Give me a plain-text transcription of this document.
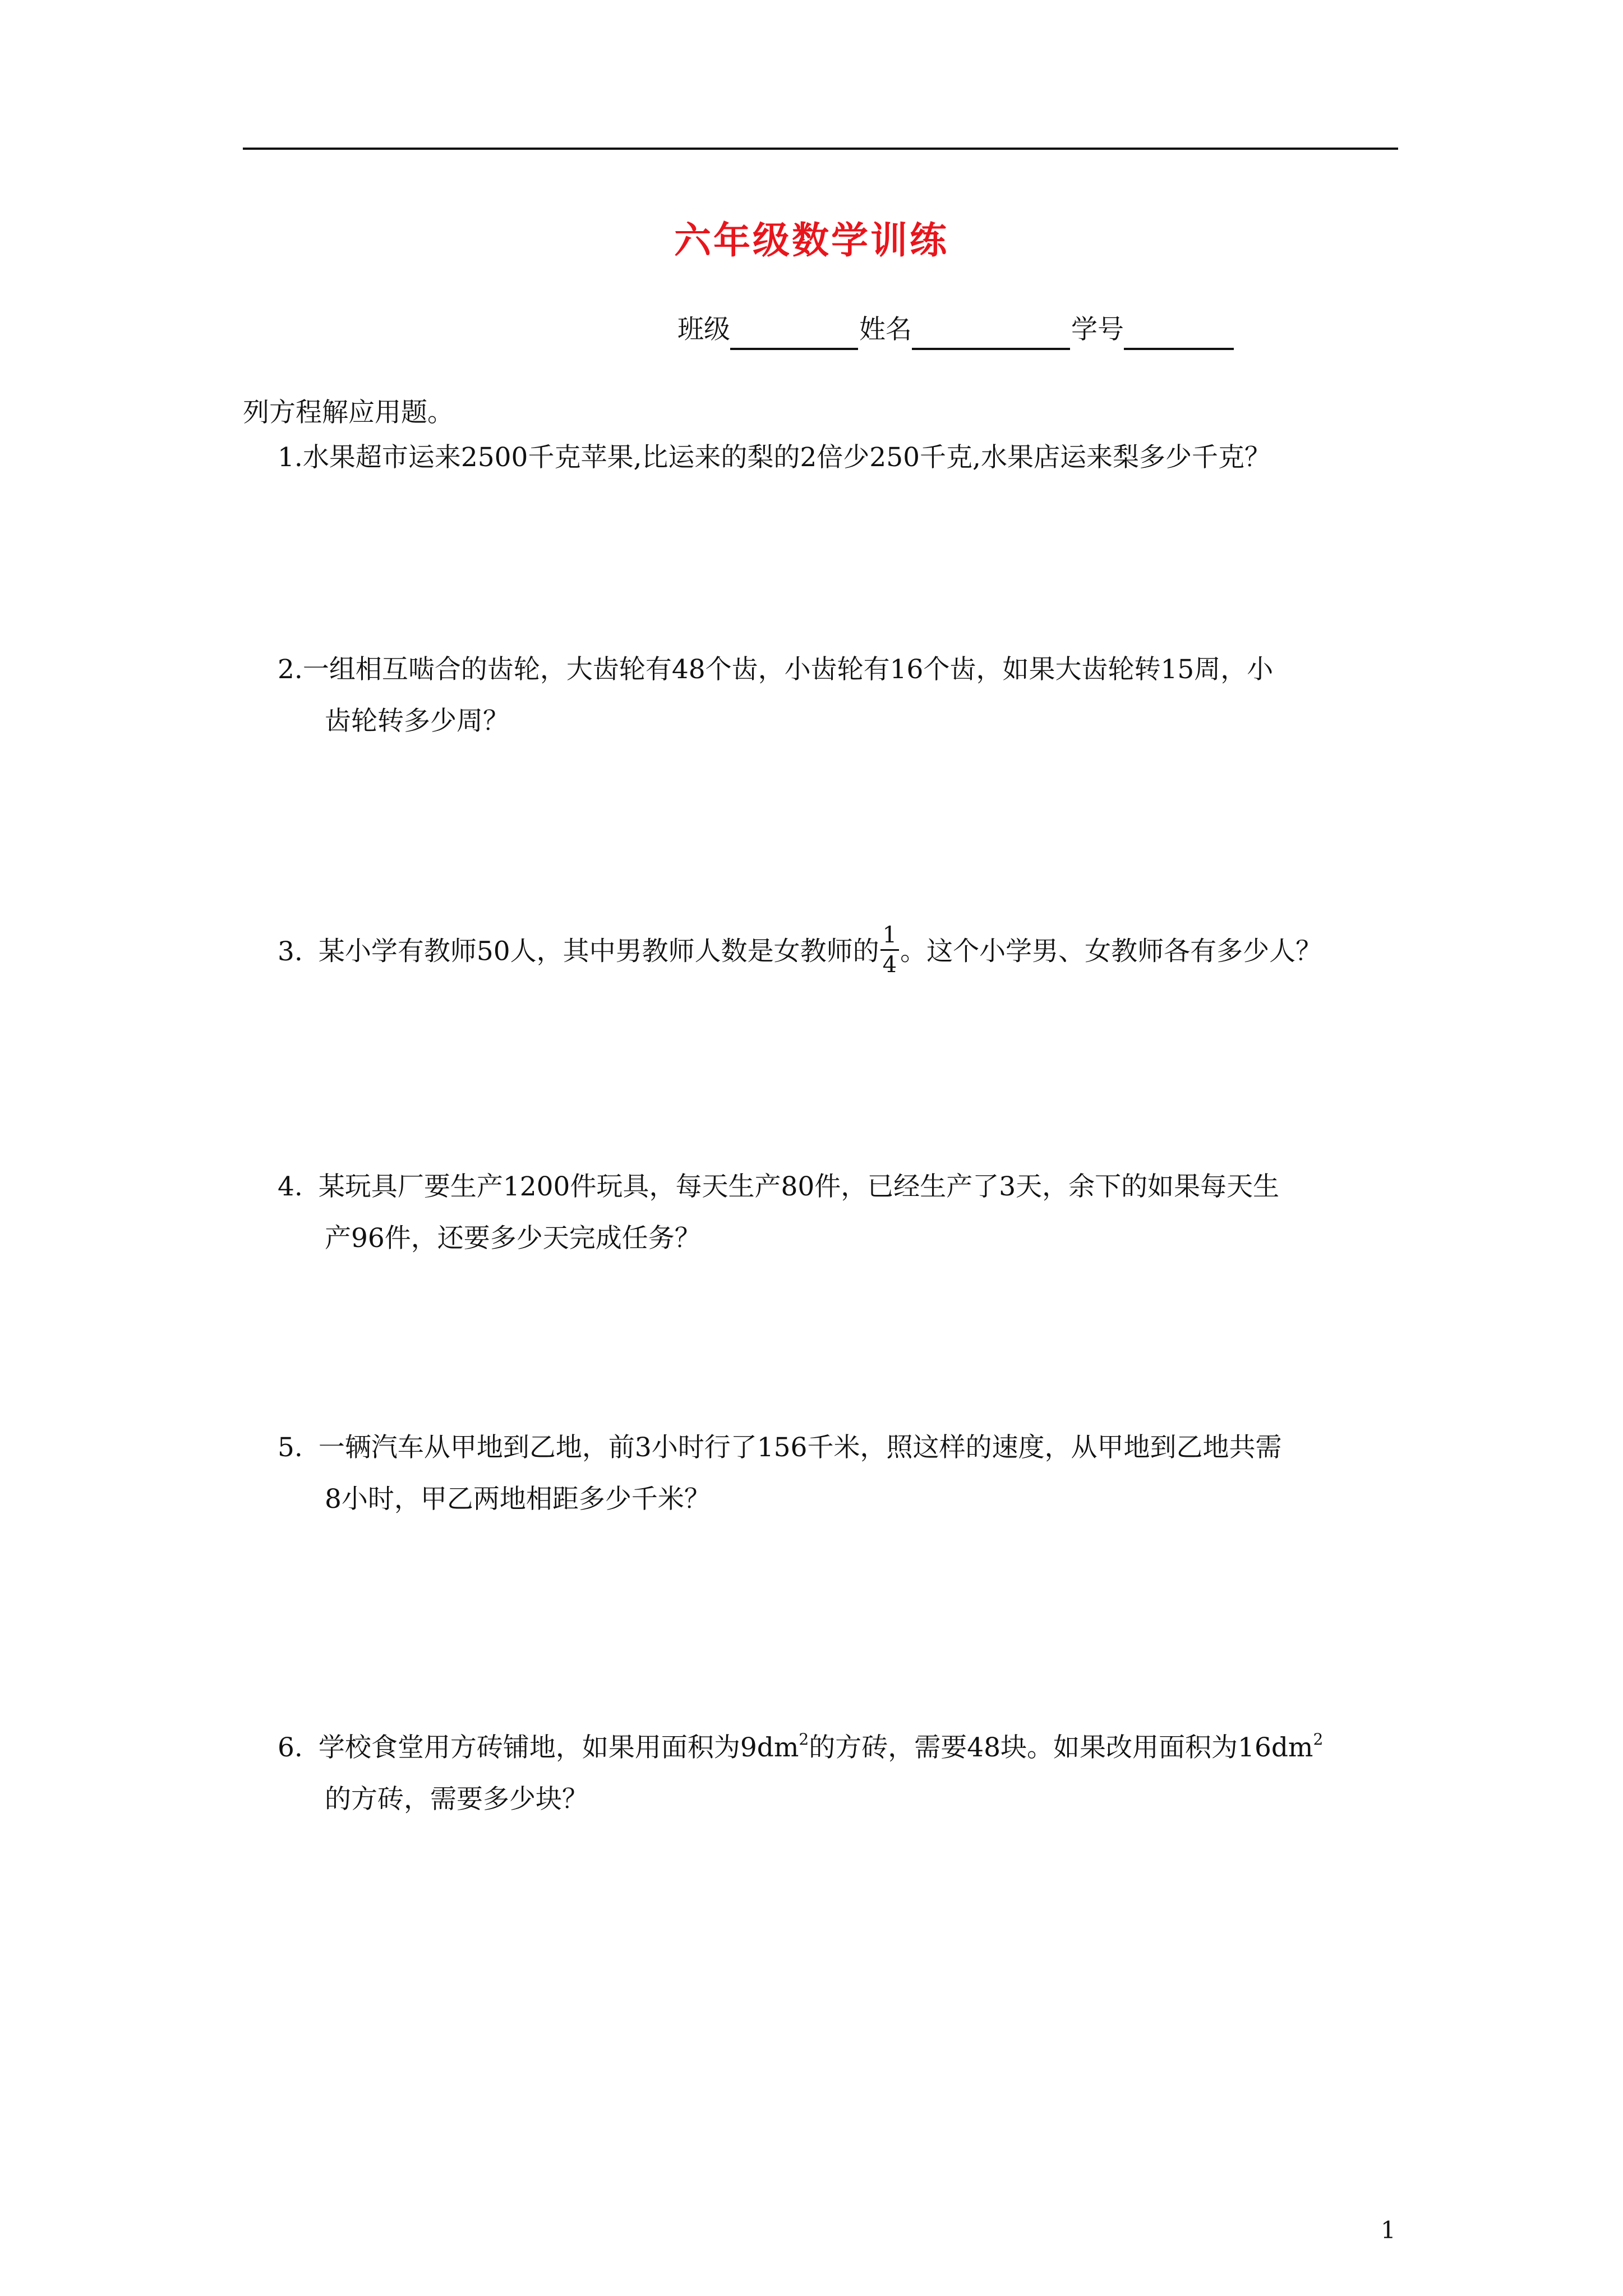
六年级数学训练
班级	姓名	学号
列方程解应用题。
1.水果超市运来2500千克苹果,比运来的梨的2倍少250千克,水果店运来梨多少千克？
2.一组相互啮合的齿轮，大齿轮有48个齿，小齿轮有16个齿，如果大齿轮转15周，小
齿轮转多少周？
3. 某小学有教师50人，其中男教师人数是女教师的 $\frac{1}{4}$ 。这个小学男、女教师各有多少人？
4. 某玩具厂要生产1200件玩具，每天生产80件，已经生产了3天，余下的如果每天生
产96件，还要多少天完成任务？
5. 一辆汽车从甲地到乙地，前3小时行了156千米，照这样的速度，从甲地到乙地共需
8小时，甲乙两地相距多少千米？
6. 学校食堂用方砖铺地，如果用面积为$9dm^2$的方砖，需要48块。如果改用面积为$16dm^2$
的方砖，需要多少块？
1
